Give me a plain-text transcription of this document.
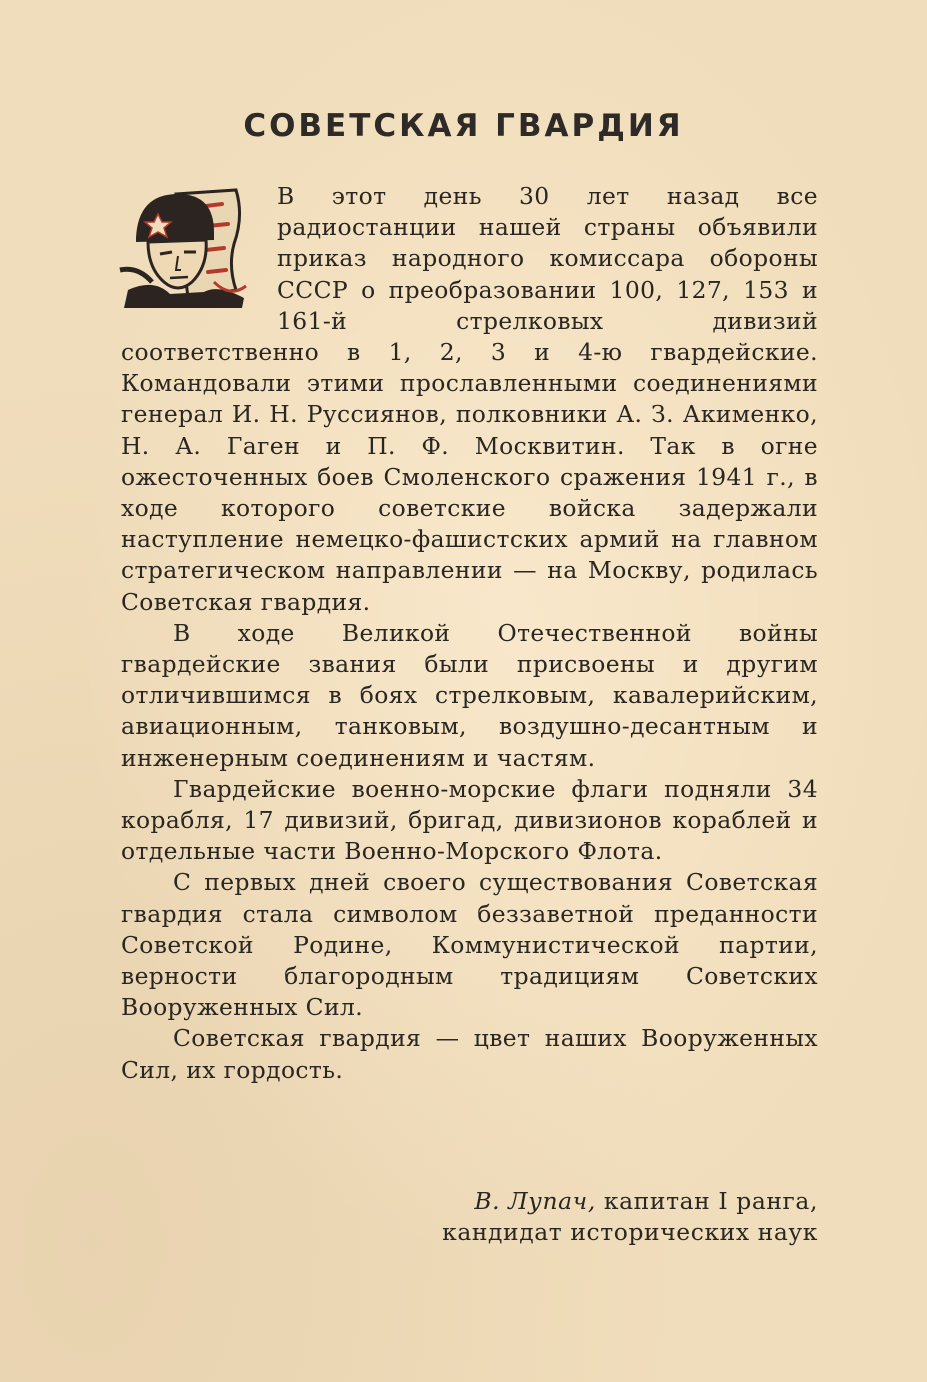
СОВЕТСКАЯ ГВАРДИЯ

В этот день 30 лет назад все радиостанции нашей страны объявили приказ народного комиссара обороны СССР о преобразовании 100, 127, 153 и 161-й стрелковых дивизий соответственно в 1, 2, 3 и 4-ю гвардейские. Командовали этими прославленными соединениями генерал И. Н. Руссиянов, полковники А. З. Акименко, Н. А. Гаген и П. Ф. Москвитин. Так в огне ожесточенных боев Смоленского сражения 1941 г., в ходе которого советские войска задержали наступление немецко-фашистских армий на главном стратегическом направлении — на Москву, родилась Советская гвардия.

В ходе Великой Отечественной войны гвардейские звания были присвоены и другим отличившимся в боях стрелковым, кавалерийским, авиационным, танковым, воздушно-десантным и инженерным соединениям и частям.

Гвардейские военно-морские флаги подняли 34 корабля, 17 дивизий, бригад, дивизионов кораблей и отдельные части Военно-Морского Флота.

С первых дней своего существования Советская гвардия стала символом беззаветной преданности Советской Родине, Коммунистической партии, верности благородным традициям Советских Вооруженных Сил.

Советская гвардия — цвет наших Вооруженных Сил, их гордость.

В. Лупач, капитан I ранга,
кандидат исторических наук
